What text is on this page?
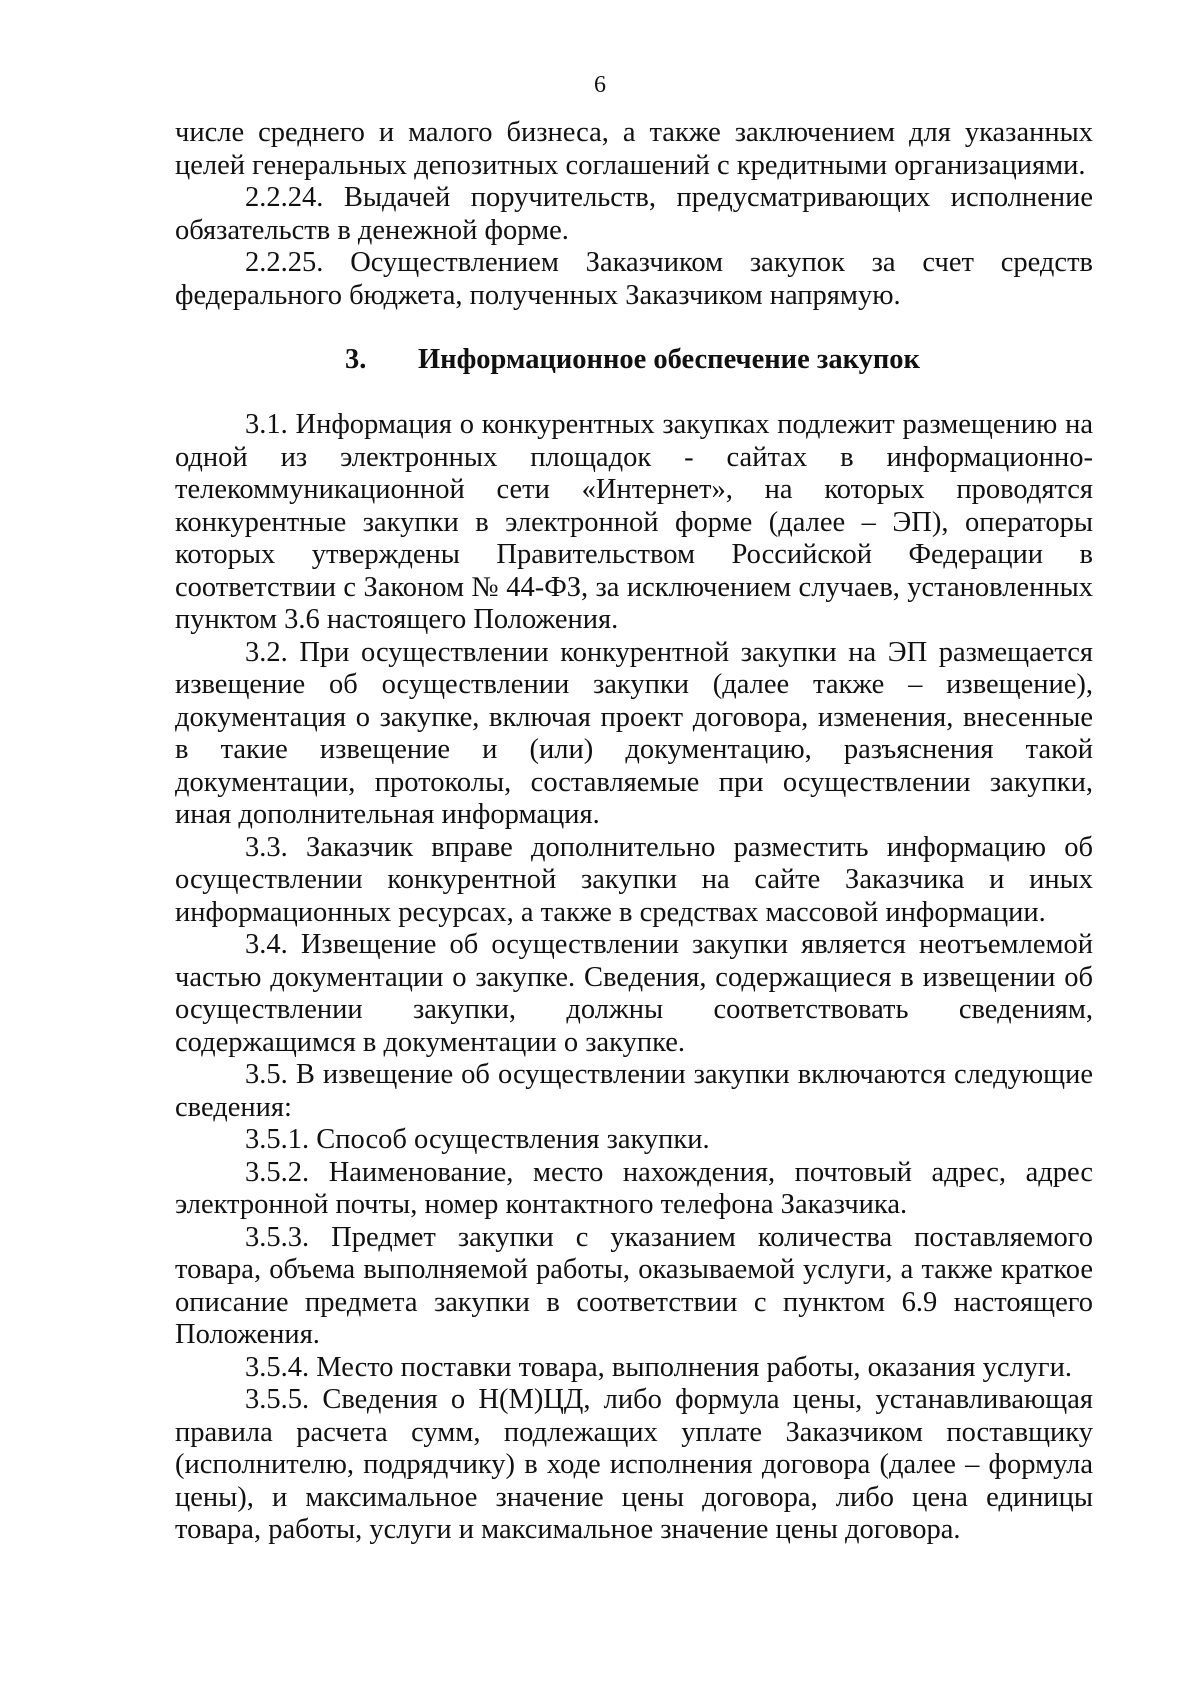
6

числе среднего и малого бизнеса, а также заключением для указанных целей генеральных депозитных соглашений с кредитными организациями.

2.2.24. Выдачей поручительств, предусматривающих исполнение обязательств в денежной форме.

2.2.25. Осуществлением Заказчиком закупок за счет средств федерального бюджета, полученных Заказчиком напрямую.

3. Информационное обеспечение закупок

3.1. Информация о конкурентных закупках подлежит размещению на одной из электронных площадок - сайтах в информационно-телекоммуникационной сети «Интернет», на которых проводятся конкурентные закупки в электронной форме (далее – ЭП), операторы которых утверждены Правительством Российской Федерации в соответствии с Законом № 44-ФЗ, за исключением случаев, установленных пунктом 3.6 настоящего Положения.

3.2. При осуществлении конкурентной закупки на ЭП размещается извещение об осуществлении закупки (далее также – извещение), документация о закупке, включая проект договора, изменения, внесенные в такие извещение и (или) документацию, разъяснения такой документации, протоколы, составляемые при осуществлении закупки, иная дополнительная информация.

3.3. Заказчик вправе дополнительно разместить информацию об осуществлении конкурентной закупки на сайте Заказчика и иных информационных ресурсах, а также в средствах массовой информации.

3.4. Извещение об осуществлении закупки является неотъемлемой частью документации о закупке. Сведения, содержащиеся в извещении об осуществлении закупки, должны соответствовать сведениям, содержащимся в документации о закупке.

3.5. В извещение об осуществлении закупки включаются следующие сведения:

3.5.1. Способ осуществления закупки.

3.5.2. Наименование, место нахождения, почтовый адрес, адрес электронной почты, номер контактного телефона Заказчика.

3.5.3. Предмет закупки с указанием количества поставляемого товара, объема выполняемой работы, оказываемой услуги, а также краткое описание предмета закупки в соответствии с пунктом 6.9 настоящего Положения.

3.5.4. Место поставки товара, выполнения работы, оказания услуги.

3.5.5. Сведения о Н(М)ЦД, либо формула цены, устанавливающая правила расчета сумм, подлежащих уплате Заказчиком поставщику (исполнителю, подрядчику) в ходе исполнения договора (далее – формула цены), и максимальное значение цены договора, либо цена единицы товара, работы, услуги и максимальное значение цены договора.
